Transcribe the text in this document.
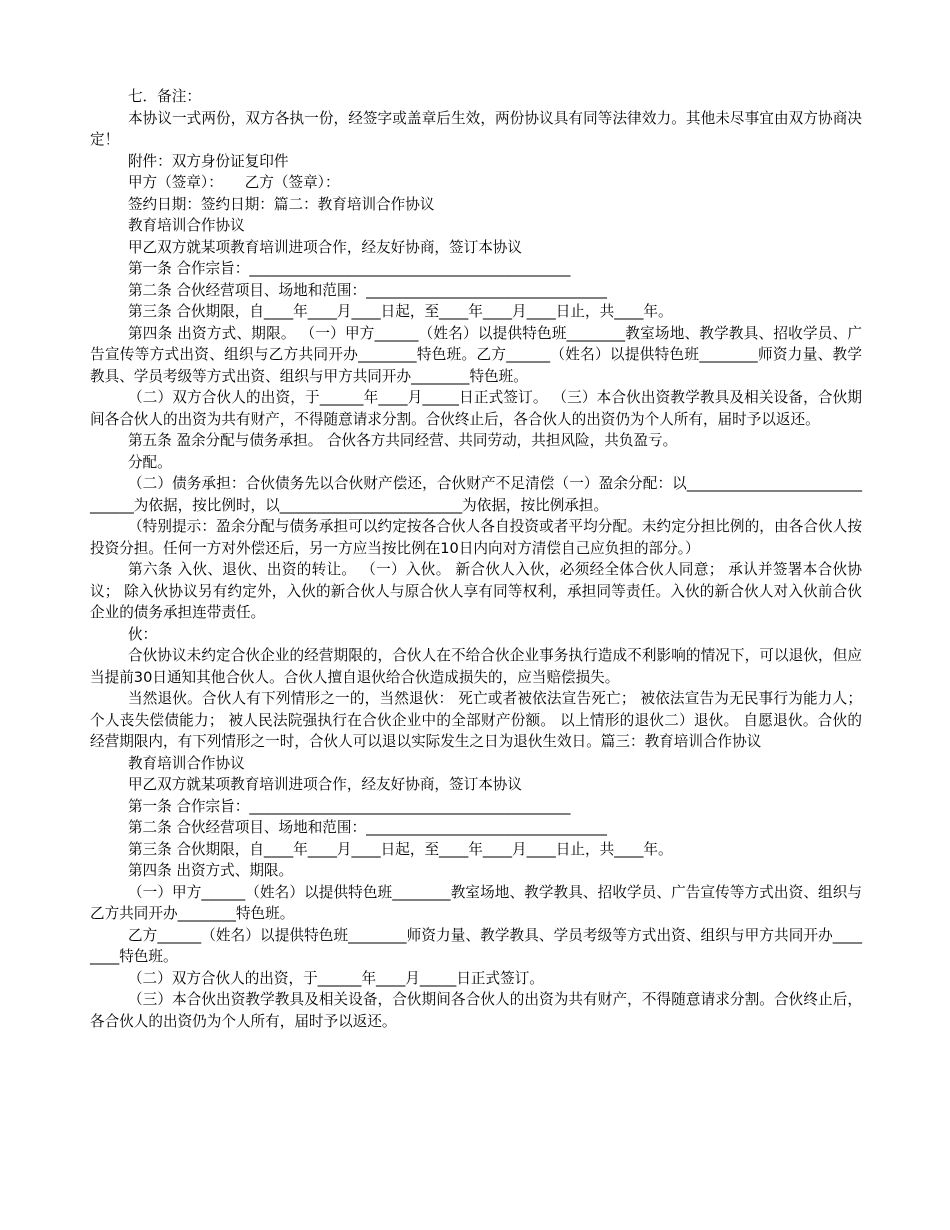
七．备注：

本协议一式两份，双方各执一份，经签字或盖章后生效，两份协议具有同等法律效力。其他未尽事宜由双方协商决定！

附件：双方身份证复印件

甲方（签章）：　　乙方（签章）：

签约日期：签约日期：篇二：教育培训合作协议

教育培训合作协议

甲乙双方就某项教育培训进项合作，经友好协商，签订本协议

第一条 合作宗旨：____________________________________________

第二条 合伙经营项目、场地和范围：_________________________________

第三条 合伙期限，自____年____月____日起，至____年____月____日止，共____年。

第四条 出资方式、期限。 （一）甲方______（姓名）以提供特色班________教室场地、教学教具、招收学员、广告宣传等方式出资、组织与乙方共同开办________特色班。乙方______（姓名）以提供特色班________师资力量、教学教具、学员考级等方式出资、组织与甲方共同开办________特色班。

（二）双方合伙人的出资，于______年____月_____日正式签订。 （三）本合伙出资教学教具及相关设备，合伙期间各合伙人的出资为共有财产，不得随意请求分割。合伙终止后，各合伙人的出资仍为个人所有，届时予以返还。

第五条 盈余分配与债务承担。 合伙各方共同经营、共同劳动，共担风险，共负盈亏。

分配。

（二）债务承担：合伙债务先以合伙财产偿还，合伙财产不足清偿（一）盈余分配：以______________________________为依据，按比例时，以_________________________为依据，按比例承担。

（特别提示：盈余分配与债务承担可以约定按各合伙人各自投资或者平均分配。未约定分担比例的，由各合伙人按投资分担。任何一方对外偿还后，另一方应当按比例在10日内向对方清偿自己应负担的部分。）

第六条 入伙、退伙、出资的转让。 （一）入伙。 新合伙人入伙，必须经全体合伙人同意； 承认并签署本合伙协议； 除入伙协议另有约定外，入伙的新合伙人与原合伙人享有同等权利，承担同等责任。入伙的新合伙人对入伙前合伙企业的债务承担连带责任。

伙：

合伙协议未约定合伙企业的经营期限的，合伙人在不给合伙企业事务执行造成不利影响的情况下，可以退伙，但应当提前30日通知其他合伙人。合伙人擅自退伙给合伙造成损失的，应当赔偿损失。

当然退伙。合伙人有下列情形之一的，当然退伙： 死亡或者被依法宣告死亡； 被依法宣告为无民事行为能力人； 个人丧失偿债能力； 被人民法院强执行在合伙企业中的全部财产份额。 以上情形的退伙二）退伙。 自愿退伙。合伙的经营期限内，有下列情形之一时，合伙人可以退以实际发生之日为退伙生效日。篇三：教育培训合作协议

教育培训合作协议

甲乙双方就某项教育培训进项合作，经友好协商，签订本协议

第一条 合作宗旨：____________________________________________

第二条 合伙经营项目、场地和范围：_________________________________

第三条 合伙期限，自____年____月____日起，至____年____月____日止，共____年。

第四条 出资方式、期限。

（一）甲方______（姓名）以提供特色班________教室场地、教学教具、招收学员、广告宣传等方式出资、组织与乙方共同开办________特色班。

乙方______（姓名）以提供特色班________师资力量、教学教具、学员考级等方式出资、组织与甲方共同开办________特色班。

（二）双方合伙人的出资，于______年____月_____日正式签订。

（三）本合伙出资教学教具及相关设备，合伙期间各合伙人的出资为共有财产，不得随意请求分割。合伙终止后，各合伙人的出资仍为个人所有，届时予以返还。
